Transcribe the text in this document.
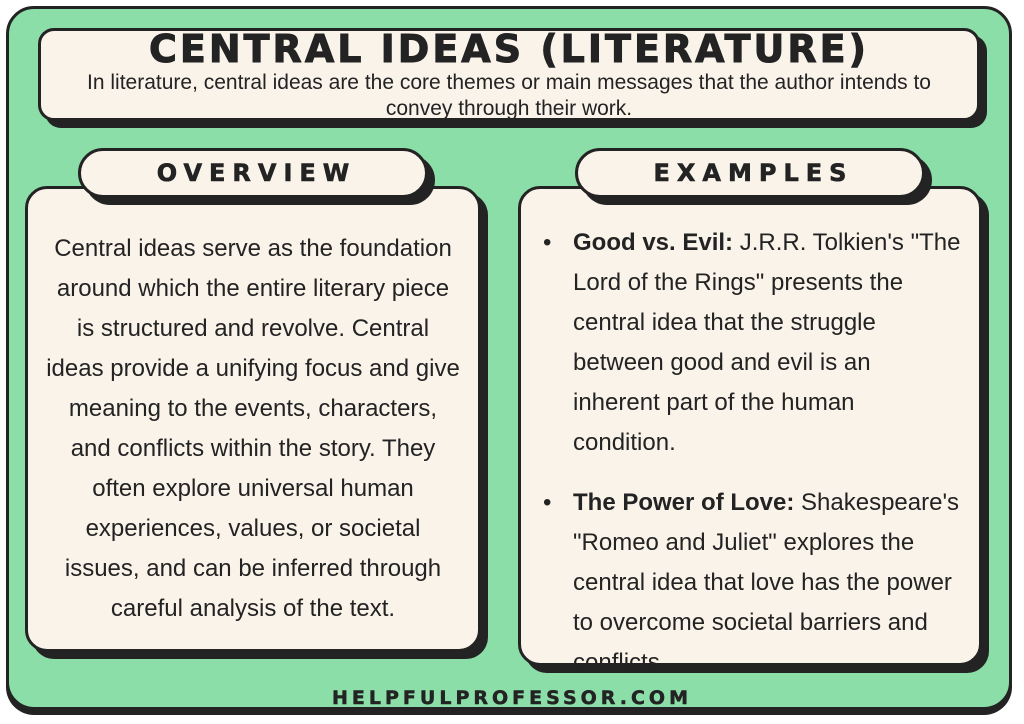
CENTRAL IDEAS (LITERATURE)
In literature, central ideas are the core themes or main messages that the author intends to convey through their work.

Central ideas serve as the foundation around which the entire literary piece is structured and revolve. Central ideas provide a unifying focus and give meaning to the events, characters, and conflicts within the story. They often explore universal human experiences, values, or societal issues, and can be inferred through careful analysis of the text.

OVERVIEW
• Good vs. Evil: J.R.R. Tolkien's "The Lord of the Rings" presents the central idea that the struggle between good and evil is an inherent part of the human condition.

• The Power of Love: Shakespeare's "Romeo and Juliet" explores the central idea that love has the power to overcome societal barriers and conflicts.

EXAMPLES
HELPFULPROFESSOR.COM
